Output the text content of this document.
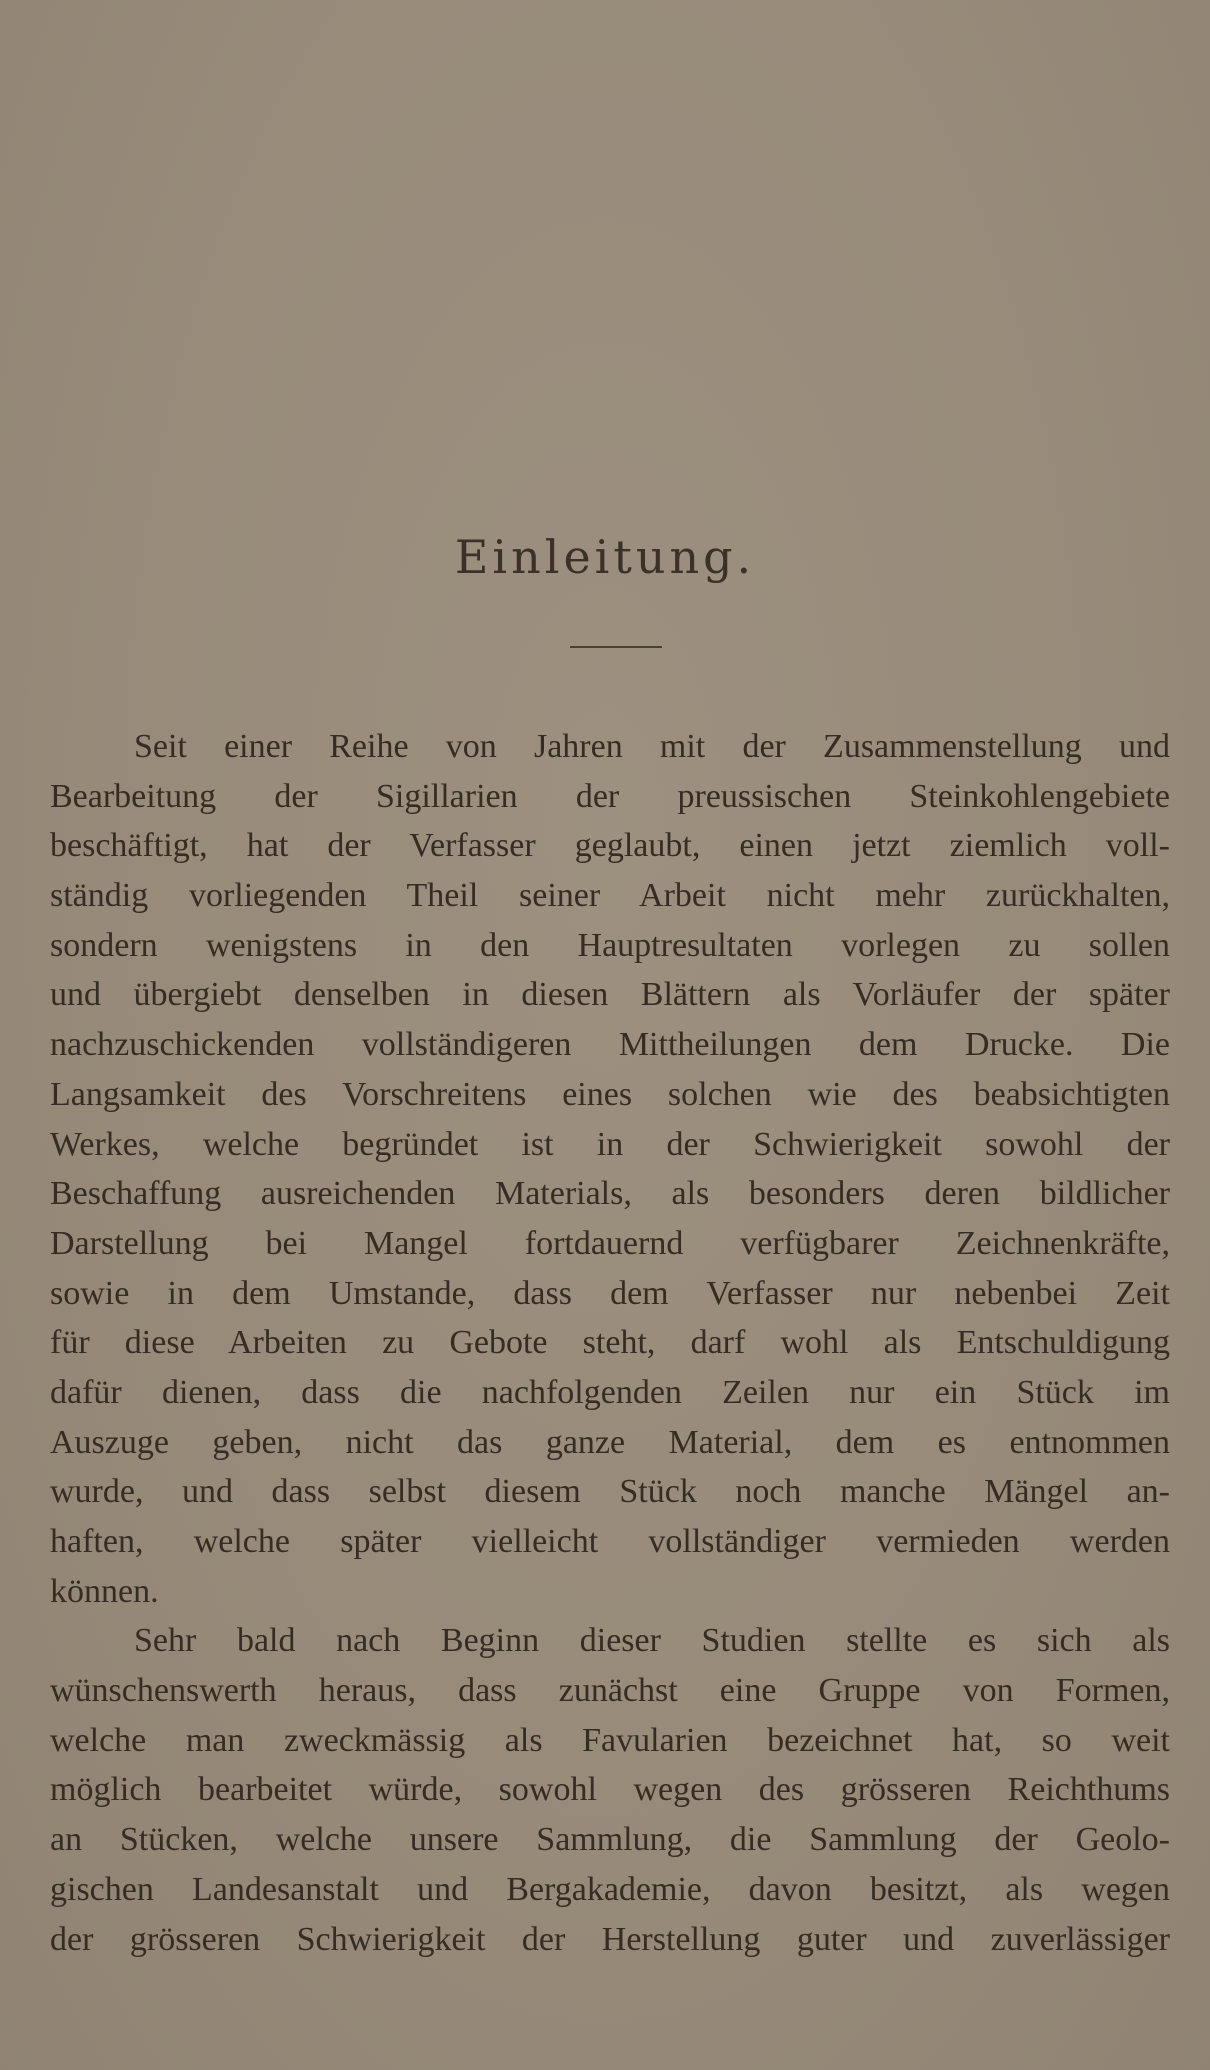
Einleitung.
Seit einer Reihe von Jahren mit der Zusammenstellung und
Bearbeitung der Sigillarien der preussischen Steinkohlengebiete
beschäftigt, hat der Verfasser geglaubt, einen jetzt ziemlich voll-
ständig vorliegenden Theil seiner Arbeit nicht mehr zurückhalten,
sondern wenigstens in den Hauptresultaten vorlegen zu sollen
und übergiebt denselben in diesen Blättern als Vorläufer der später
nachzuschickenden vollständigeren Mittheilungen dem Drucke. Die
Langsamkeit des Vorschreitens eines solchen wie des beabsichtigten
Werkes, welche begründet ist in der Schwierigkeit sowohl der
Beschaffung ausreichenden Materials, als besonders deren bildlicher
Darstellung bei Mangel fortdauernd verfügbarer Zeichnenkräfte,
sowie in dem Umstande, dass dem Verfasser nur nebenbei Zeit
für diese Arbeiten zu Gebote steht, darf wohl als Entschuldigung
dafür dienen, dass die nachfolgenden Zeilen nur ein Stück im
Auszuge geben, nicht das ganze Material, dem es entnommen
wurde, und dass selbst diesem Stück noch manche Mängel an-
haften, welche später vielleicht vollständiger vermieden werden
können.
Sehr bald nach Beginn dieser Studien stellte es sich als
wünschenswerth heraus, dass zunächst eine Gruppe von Formen,
welche man zweckmässig als Favularien bezeichnet hat, so weit
möglich bearbeitet würde, sowohl wegen des grösseren Reichthums
an Stücken, welche unsere Sammlung, die Sammlung der Geolo-
gischen Landesanstalt und Bergakademie, davon besitzt, als wegen
der grösseren Schwierigkeit der Herstellung guter und zuverlässiger
